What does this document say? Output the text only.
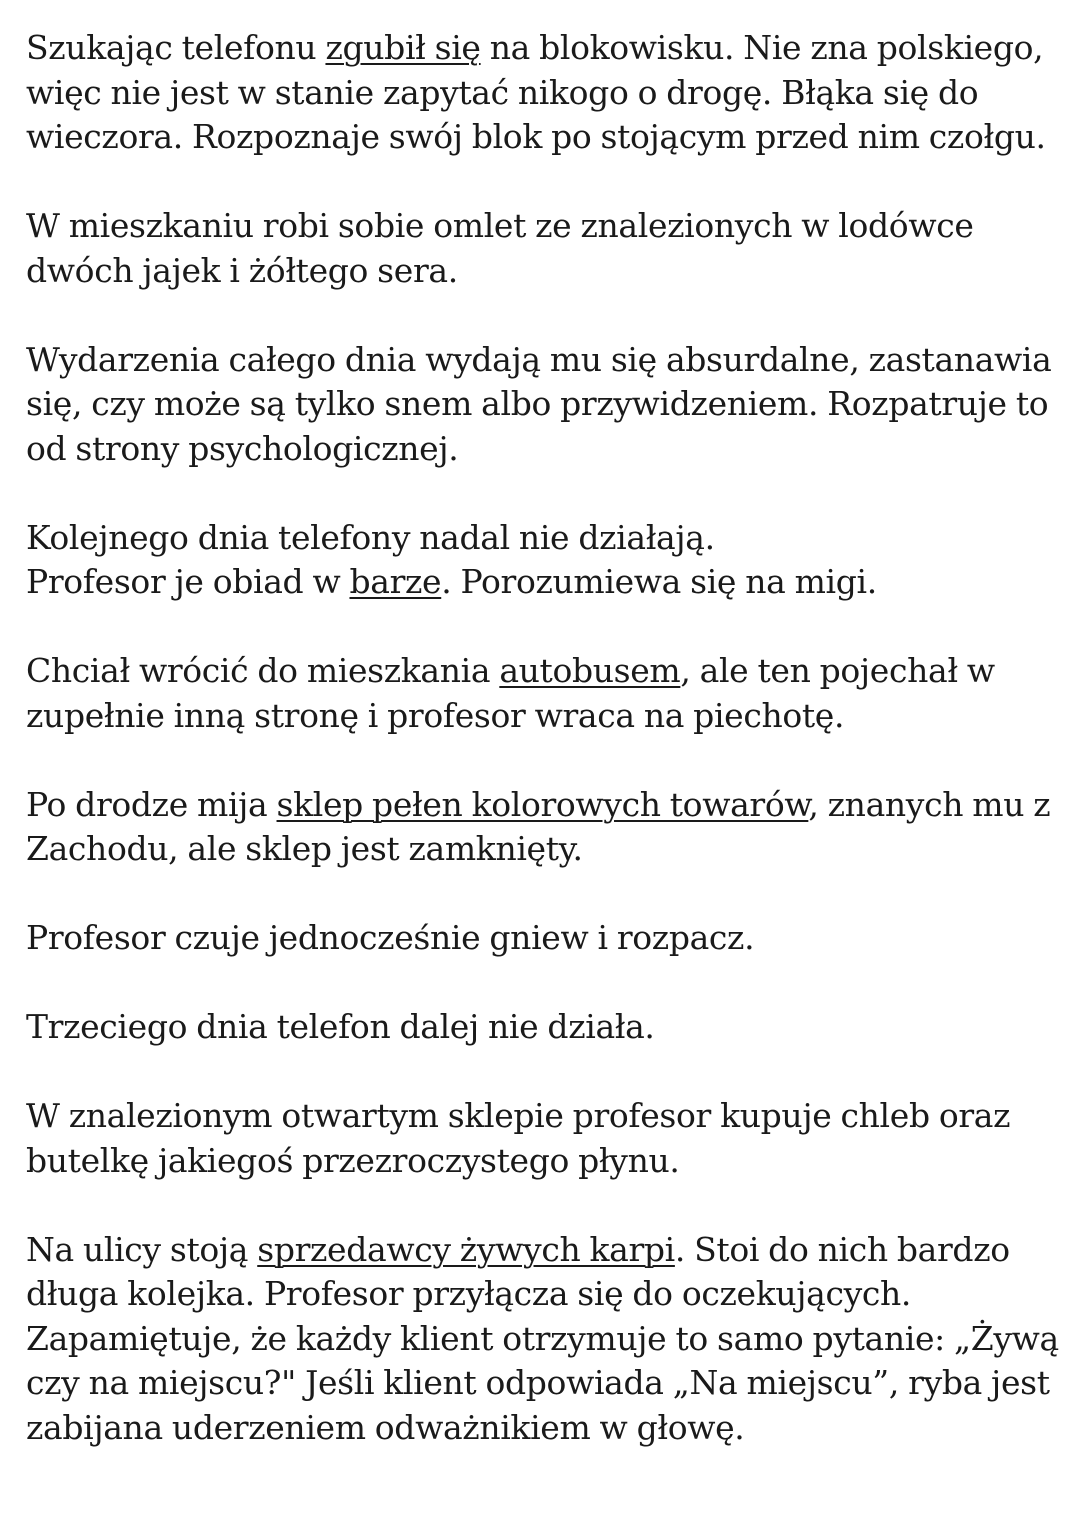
Szukając telefonu zgubił się na blokowisku. Nie zna polskiego, więc nie jest w stanie zapytać nikogo o drogę. Błąka się do wieczora. Rozpoznaje swój blok po stojącym przed nim czołgu.

W mieszkaniu robi sobie omlet ze znalezionych w lodówce dwóch jajek i żółtego sera.

Wydarzenia całego dnia wydają mu się absurdalne, zastanawia się, czy może są tylko snem albo przywidzeniem. Rozpatruje to od strony psychologicznej.

Kolejnego dnia telefony nadal nie działają.
Profesor je obiad w barze. Porozumiewa się na migi.

Chciał wrócić do mieszkania autobusem, ale ten pojechał w zupełnie inną stronę i profesor wraca na piechotę.

Po drodze mija sklep pełen kolorowych towarów, znanych mu z Zachodu, ale sklep jest zamknięty.

Profesor czuje jednocześnie gniew i rozpacz.

Trzeciego dnia telefon dalej nie działa.

W znalezionym otwartym sklepie profesor kupuje chleb oraz butelkę jakiegoś przezroczystego płynu.

Na ulicy stoją sprzedawcy żywych karpi. Stoi do nich bardzo długa kolejka. Profesor przyłącza się do oczekujących. Zapamiętuje, że każdy klient otrzymuje to samo pytanie: „Żywą czy na miejscu?" Jeśli klient odpowiada „Na miejscu”, ryba jest zabijana uderzeniem odważnikiem w głowę.
